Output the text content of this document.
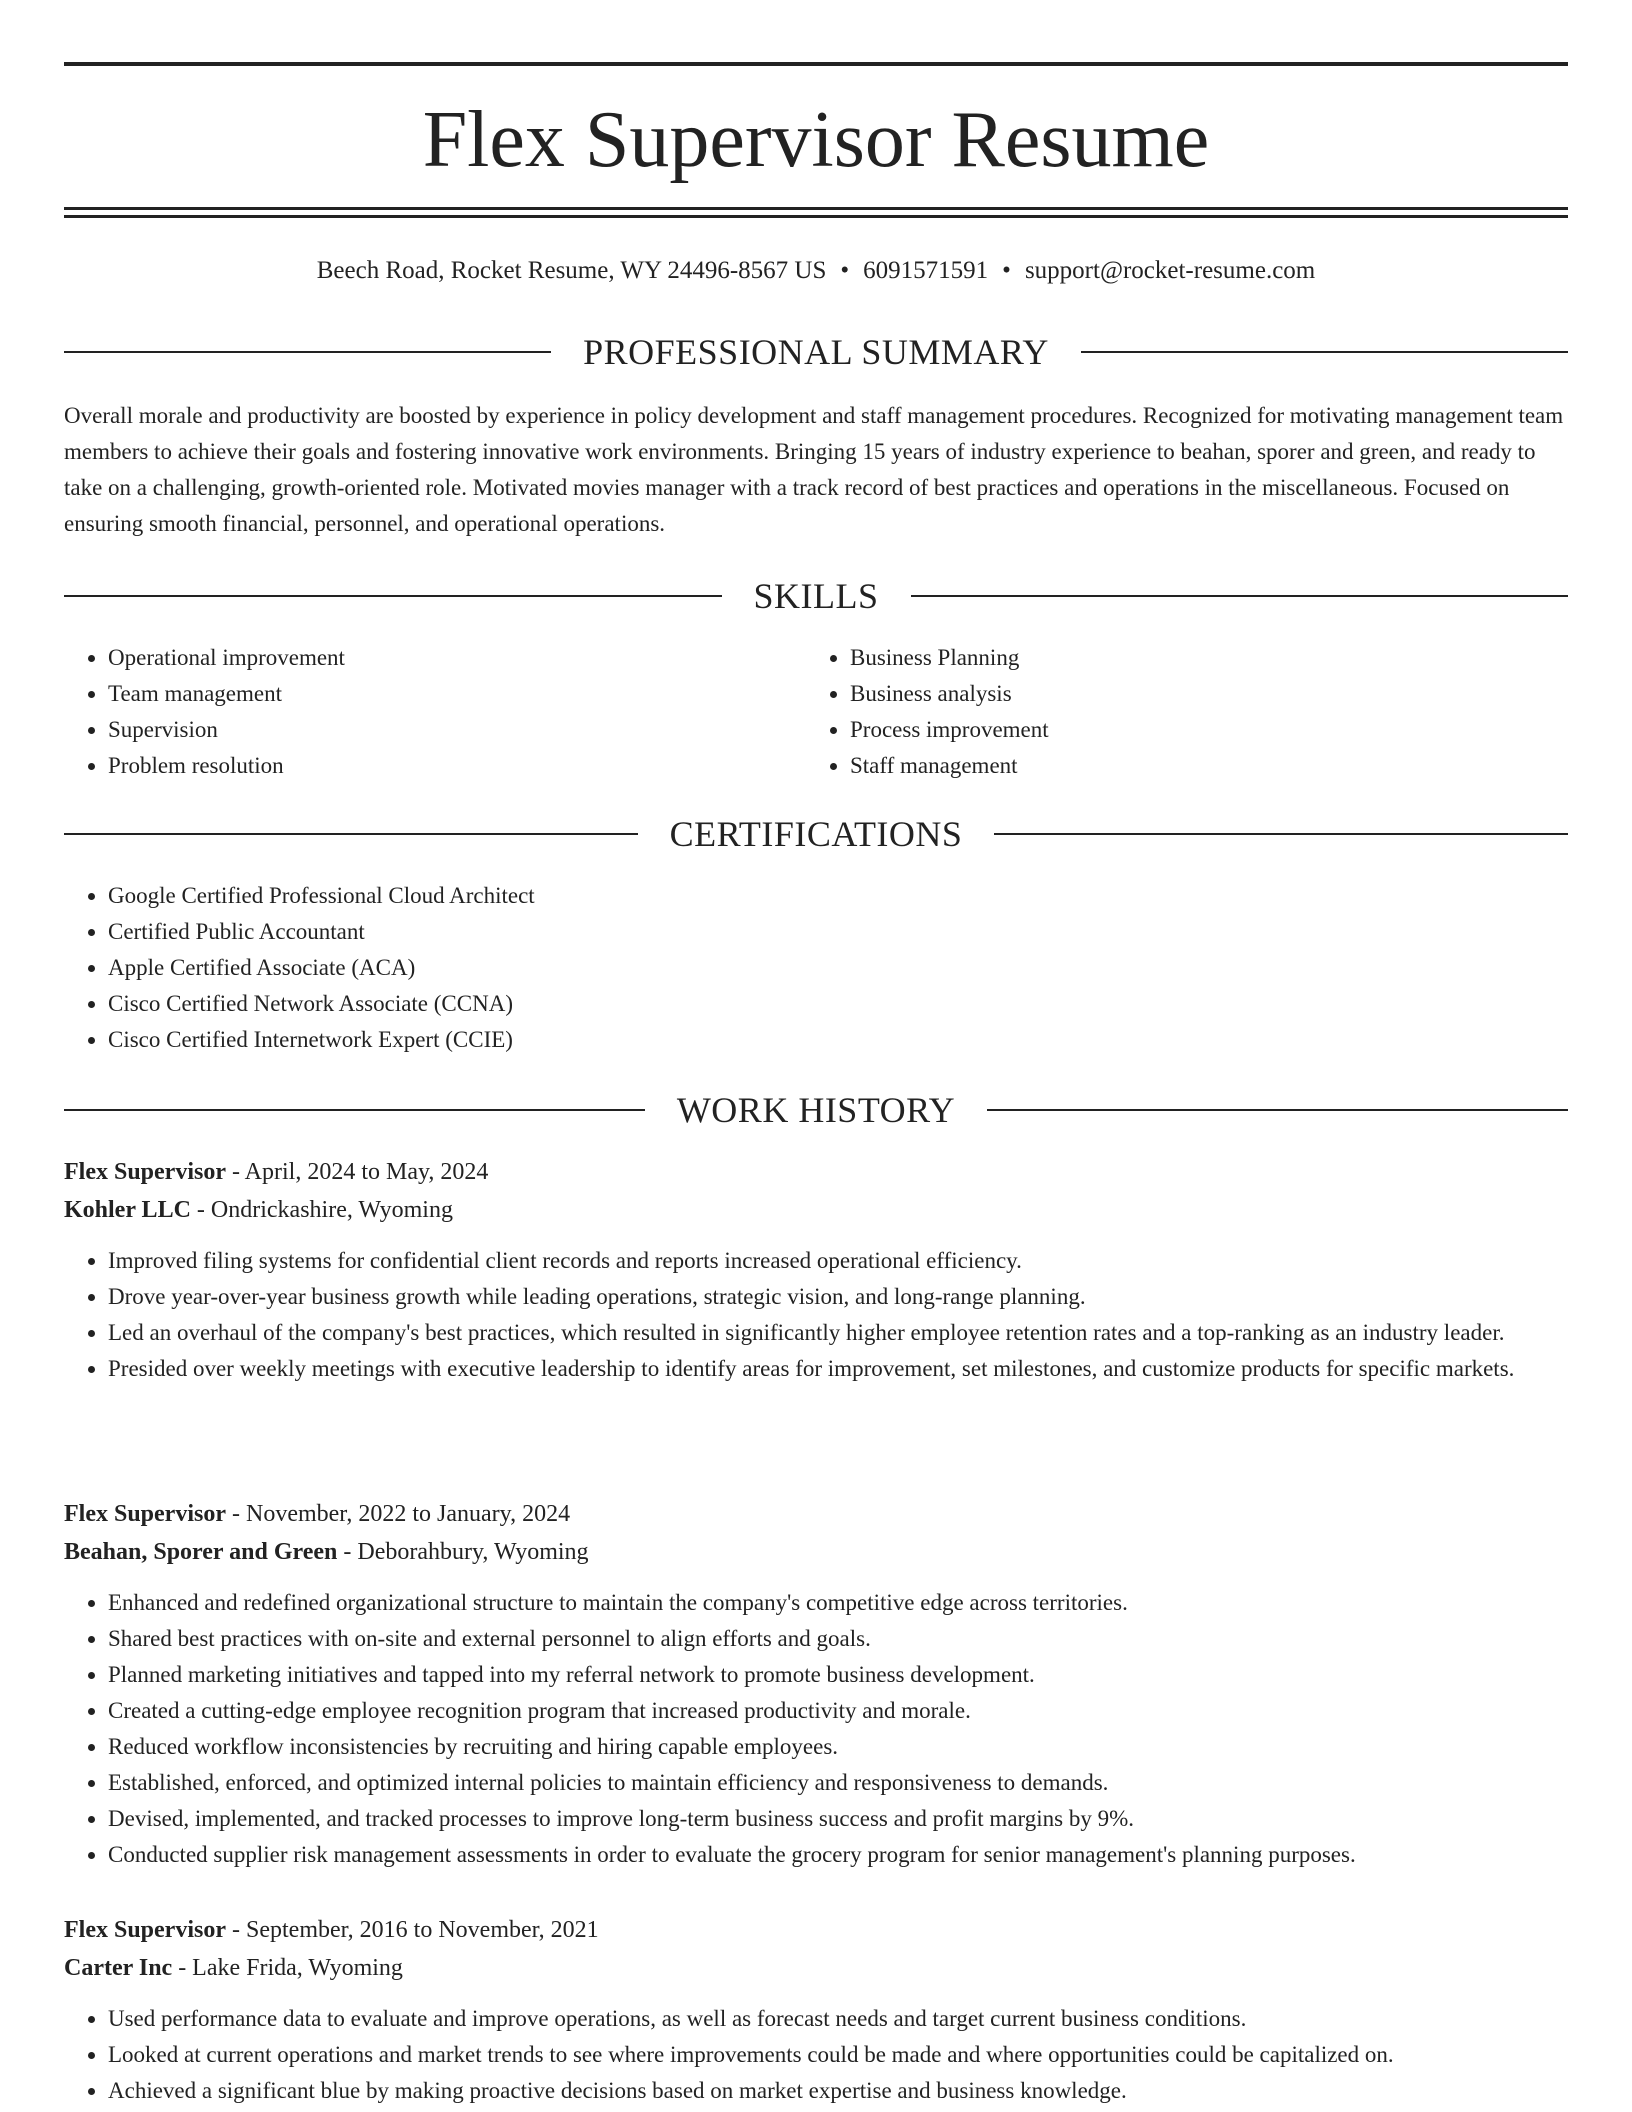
Flex Supervisor Resume
Beech Road, Rocket Resume, WY 24496-8567 US • 6091571591 • support@rocket-resume.com
PROFESSIONAL SUMMARY

Overall morale and productivity are boosted by experience in policy development and staff management procedures. Recognized for motivating management team members to achieve their goals and fostering innovative work environments. Bringing 15 years of industry experience to beahan, sporer and green, and ready to take on a challenging, growth-oriented role. Motivated movies manager with a track record of best practices and operations in the miscellaneous. Focused on ensuring smooth financial, personnel, and operational operations.

SKILLS
• Operational improvement
• Team management
• Supervision
• Problem resolution
• Business Planning
• Business analysis
• Process improvement
• Staff management
CERTIFICATIONS
• Google Certified Professional Cloud Architect
• Certified Public Accountant
• Apple Certified Associate (ACA)
• Cisco Certified Network Associate (CCNA)
• Cisco Certified Internetwork Expert (CCIE)
WORK HISTORY

Flex Supervisor - April, 2024 to May, 2024

Kohler LLC - Ondrickashire, Wyoming

• Improved filing systems for confidential client records and reports increased operational efficiency.
• Drove year-over-year business growth while leading operations, strategic vision, and long-range planning.
• Led an overhaul of the company's best practices, which resulted in significantly higher employee retention rates and a top-ranking as an industry leader.
• Presided over weekly meetings with executive leadership to identify areas for improvement, set milestones, and customize products for specific markets.

Flex Supervisor - November, 2022 to January, 2024

Beahan, Sporer and Green - Deborahbury, Wyoming

• Enhanced and redefined organizational structure to maintain the company's competitive edge across territories.
• Shared best practices with on-site and external personnel to align efforts and goals.
• Planned marketing initiatives and tapped into my referral network to promote business development.
• Created a cutting-edge employee recognition program that increased productivity and morale.
• Reduced workflow inconsistencies by recruiting and hiring capable employees.
• Established, enforced, and optimized internal policies to maintain efficiency and responsiveness to demands.
• Devised, implemented, and tracked processes to improve long-term business success and profit margins by 9%.
• Conducted supplier risk management assessments in order to evaluate the grocery program for senior management's planning purposes.

Flex Supervisor - September, 2016 to November, 2021

Carter Inc - Lake Frida, Wyoming

• Used performance data to evaluate and improve operations, as well as forecast needs and target current business conditions.
• Looked at current operations and market trends to see where improvements could be made and where opportunities could be capitalized on.
• Achieved a significant blue by making proactive decisions based on market expertise and business knowledge.
